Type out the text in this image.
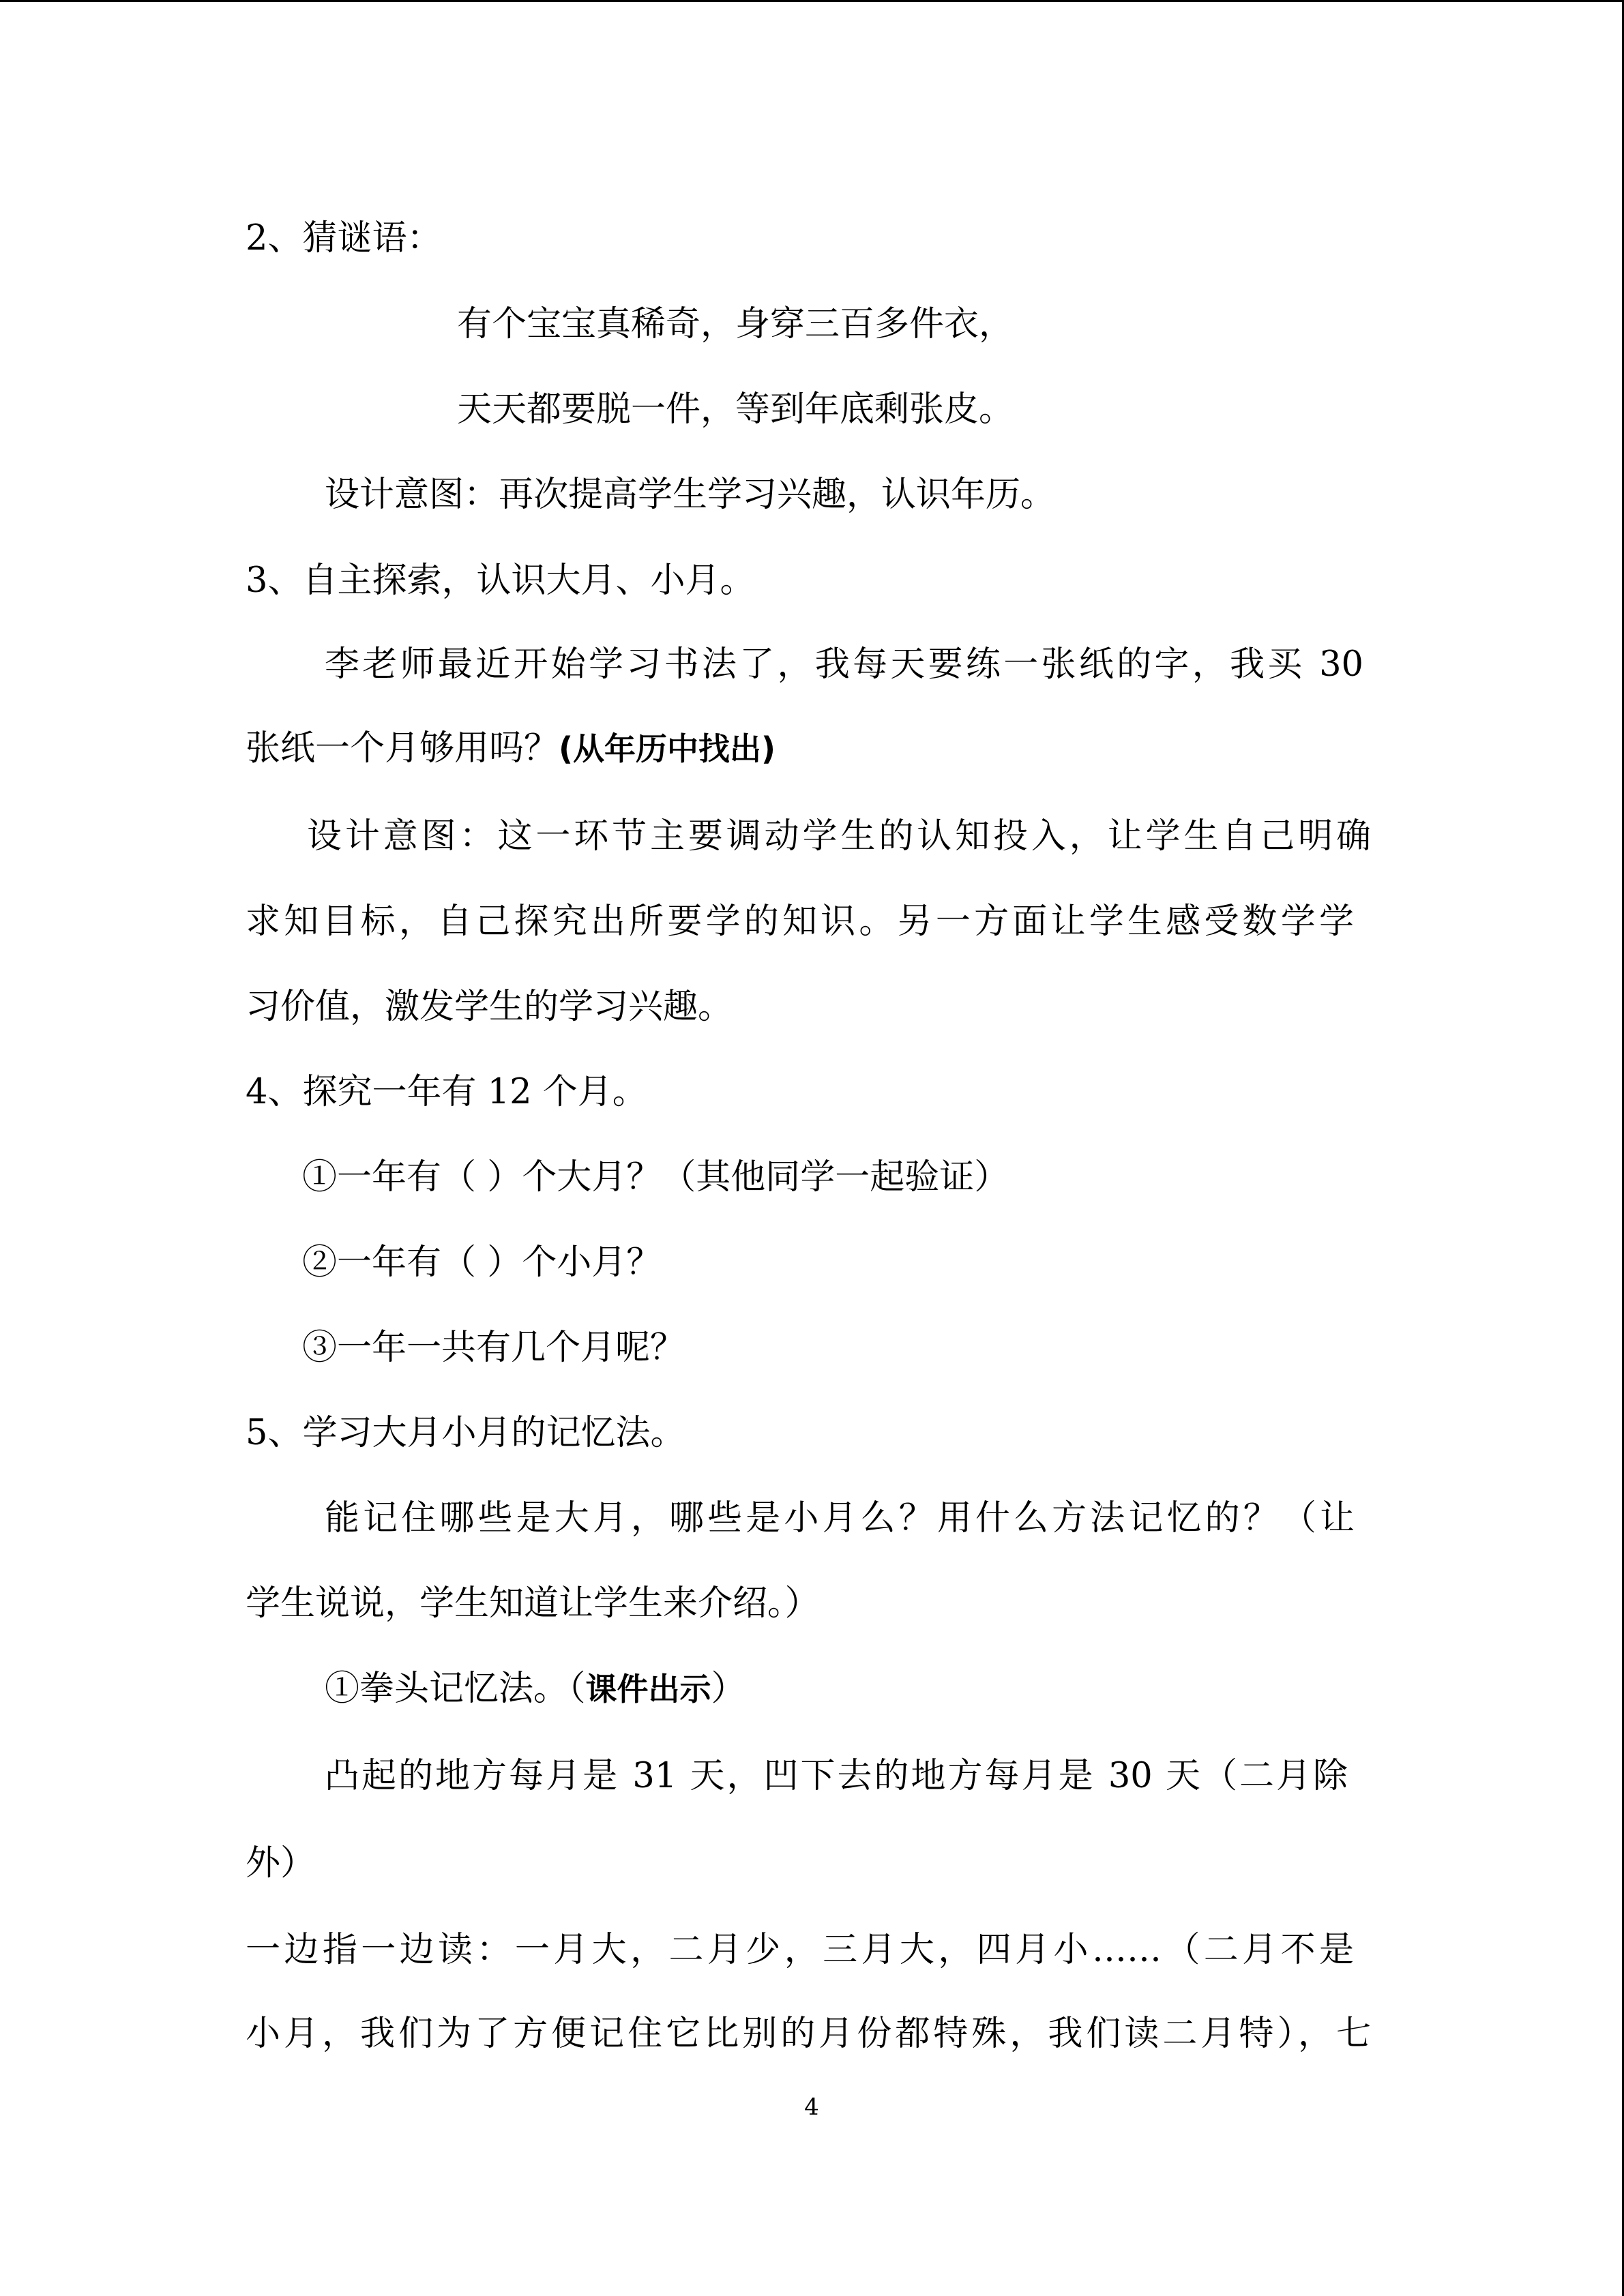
2、猜谜语：

有个宝宝真稀奇，身穿三百多件衣，

天天都要脱一件，等到年底剩张皮。

设计意图：再次提高学生学习兴趣，认识年历。

3、自主探索，认识大月、小月。

李老师最近开始学习书法了，我每天要练一张纸的字，我买 30

张纸一个月够用吗？(从年历中找出)

设计意图：这一环节主要调动学生的认知投入，让学生自己明确

求知目标，自己探究出所要学的知识。另一方面让学生感受数学学

习价值，激发学生的学习兴趣。

4、探究一年有 12 个月。

①一年有（ ）个大月？（其他同学一起验证）

②一年有（ ）个小月？

③一年一共有几个月呢？

5、学习大月小月的记忆法。

能记住哪些是大月，哪些是小月么？用什么方法记忆的？（让

学生说说，学生知道让学生来介绍。）

①拳头记忆法。（课件出示）

凸起的地方每月是 31 天，凹下去的地方每月是 30 天（二月除

外）

一边指一边读：一月大，二月少，三月大，四月小……（二月不是

小月，我们为了方便记住它比别的月份都特殊，我们读二月特），七

4
